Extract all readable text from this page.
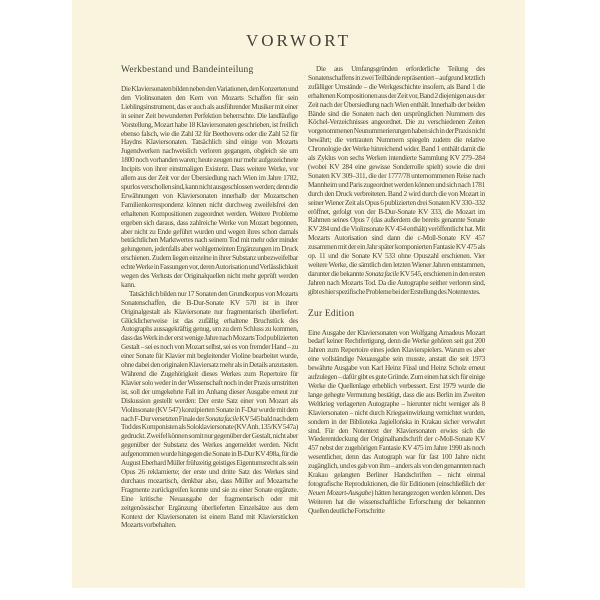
VORWORT
Werkbestand und Bandeinteilung

Die Klaviersonaten bilden neben den Variationen, den Konzerten und den Violinsonaten den Kern von Mozarts Schaffen für sein Lieblingsinstrument, das er auch als ausführender Musiker mit einer in seiner Zeit bewunderten Perfektion beherrschte. Die landläufige Vorstellung, Mozart habe 18 Klaviersonaten geschrieben, ist freilich ebenso falsch, wie die Zahl 32 für Beethovens oder die Zahl 52 für Haydns Klaviersonaten. Tatsächlich sind einige von Mozarts Jugendwerken nachweislich verloren gegangen, obgleich sie um 1800 noch vorhanden waren; heute zeugen nur mehr aufgezeichnete Incipits von ihrer einstmaligen Existenz. Dass weitere Werke, vor allem aus der Zeit vor der Übersiedlung nach Wien im Jahre 1782, spurlos verschollen sind, kann nicht ausgeschlossen werden; denn die Erwähnungen von Klaviersonaten innerhalb der Mozartschen Familienkorrespondenz können nicht durchweg zweifelsfrei den erhaltenen Kompositionen zugeordnet werden. Weitere Probleme ergeben sich daraus, dass zahlreiche Werke von Mozart begonnen, aber nicht zu Ende geführt wurden und wegen ihres schon damals beträchtlichen Marktwertes nach seinem Tod mit mehr oder minder gelungenen, jedenfalls aber wohlgemeinten Ergänzungen im Druck erschienen. Zudem liegen einzelne in ihrer Substanz unbezweifelbar echte Werke in Fassungen vor, deren Autorisation und Verlässlichkeit wegen des Verlusts der Originalquellen nicht mehr geprüft werden kann.

Tatsächlich bilden nur 17 Sonaten den Grundkorpus von Mozarts Sonatenschaffen, die B-Dur-Sonate KV 570 ist in ihrer Originalgestalt als Klaviersonate nur fragmentarisch überliefert. Glücklicherweise ist das zufällig erhaltene Bruchstück des Autographs aussagekräftig genug, um zu dem Schluss zu kommen, dass das Werk in der erst wenige Jahre nach Mozarts Tod publizierten Gestalt – sei es noch von Mozart selbst, sei es von fremder Hand – zu einer Sonate für Klavier mit begleitender Violine bearbeitet wurde, ohne dabei den originalen Klaviersatz mehr als in Details anzutasten. Während die Zugehörigkeit dieses Werkes zum Repertoire für Klavier solo weder in der Wissenschaft noch in der Praxis umstritten ist, soll der umgekehrte Fall im Anhang dieser Ausgabe erneut zur Diskussion gestellt werden: Der erste Satz einer von Mozart als Violinsonate (KV 547) konzipierten Sonate in F-Dur wurde mit dem nach F-Dur versetzten Finale der Sonata facile KV 545 bald nach dem Tod des Komponisten als Soloklaviersonate (KV Anh. 135/KV 547a) gedruckt. Zweifel können somit nur gegenüber der Gestalt, nicht aber gegenüber der Substanz des Werkes angemeldet werden. Nicht aufgenommen wurde hingegen die Sonate in B-Dur KV 498a, für die August Eberhard Müller frühzeitig geistiges Eigentumsrecht als sein Opus 26 reklamierte; der erste und dritte Satz des Werkes sind durchaus mozartisch, denkbar also, dass Müller auf Mozartsche Fragmente zurückgreifen konnte und sie zu einer Sonate ergänzte. Eine kritische Neuausgabe der fragmentarisch oder mit zeitgenössischer Ergänzung überlieferten Einzelsätze aus dem Kontext der Klaviersonaten ist einem Band mit Klavierstücken Mozarts vorbehalten.

Die aus Umfangsgründen erforderliche Teilung des Sonatenschaffens in zwei Teilbände repräsentiert – aufgrund letztlich zufälliger Umstände – die Werkgeschichte insofern, als Band 1 die erhaltenen Kompositionen aus der Zeit vor, Band 2 diejenigen aus der Zeit nach der Übersiedlung nach Wien enthält. Innerhalb der beiden Bände sind die Sonaten nach den ursprünglichen Nummern des Köchel-Verzeichnisses angeordnet. Die zu verschiedenen Zeiten vorgenommenen Neunummerierungen haben sich in der Praxis nicht bewährt; die vertrauten Nummern spiegeln zudem die relative Chronologie der Werke hinreichend wider. Band 1 enthält damit die als Zyklus von sechs Werken intendierte Sammlung KV 279–284 (wobei KV 284 eine gewisse Sonderrolle spielt) sowie die drei Sonaten KV 309–311, die der 1777/78 unternommenen Reise nach Mannheim und Paris zugeordnet werden können und sich nach 1781 durch den Druck verbreiteten. Band 2 wird durch die von Mozart in seiner Wiener Zeit als Opus 6 publizierten drei Sonaten KV 330–332 eröffnet, gefolgt von der B-Dur-Sonate KV 333, die Mozart im Rahmen seines Opus 7 (das außerdem die bereits genannte Sonate KV 284 und die Violinsonate KV 454 enthält) veröffentlicht hat. Mit Mozarts Autorisation sind dann die c-Moll-Sonate KV 457 zusammen mit der ein Jahr später komponierten Fantasie KV 475 als op. 11 und die Sonate KV 533 ohne Opuszahl erschienen. Vier weitere Werke, die sämtlich den letzten Wiener Jahren entstammen, darunter die bekannte Sonata facile KV 545, erschienen in den ersten Jahren nach Mozarts Tod. Da die Autographe seither verloren sind, gibt es hier spezifische Probleme bei der Erstellung des Notentextes.

Zur Edition

Eine Ausgabe der Klaviersonaten von Wolfgang Amadeus Mozart bedarf keiner Rechtfertigung, denn die Werke gehören seit gut 200 Jahren zum Repertoire eines jeden Klavierspielers. Warum es aber eine vollständige Neuausgabe sein musste, anstatt die seit 1973 bewährte Ausgabe von Karl Heinz Füssl und Heinz Scholz erneut aufzulegen – dafür gibt es gute Gründe. Zum einen hat sich für einige Werke die Quellenlage erheblich verbessert. Erst 1979 wurde die lange gehegte Vermutung bestätigt, dass die aus Berlin im Zweiten Weltkrieg verlagerten Autographe – hierunter nicht weniger als 8 Klaviersonaten – nicht durch Kriegseinwirkung vernichtet wurden, sondern in der Biblioteka Jagiellońska in Krakau sicher verwahrt sind. Für den Notentext der Klaviersonaten erwies sich die Wiederentdeckung der Originalhandschrift der c-Moll-Sonate KV 457 nebst der zugehörigen Fantasie KV 475 im Jahre 1990 als noch wesentlicher, denn das Autograph war für fast 100 Jahre nicht zugänglich, und es gab von ihm – anders als von den genannten nach Krakau gelangten Berliner Handschriften – nicht einmal fotografische Reproduktionen, die für Editionen (einschließlich der Neuen Mozart-Ausgabe) hätten herangezogen werden können. Des Weiteren hat die wissenschaftliche Erforschung der bekannten Quellen deutliche Fortschritte
